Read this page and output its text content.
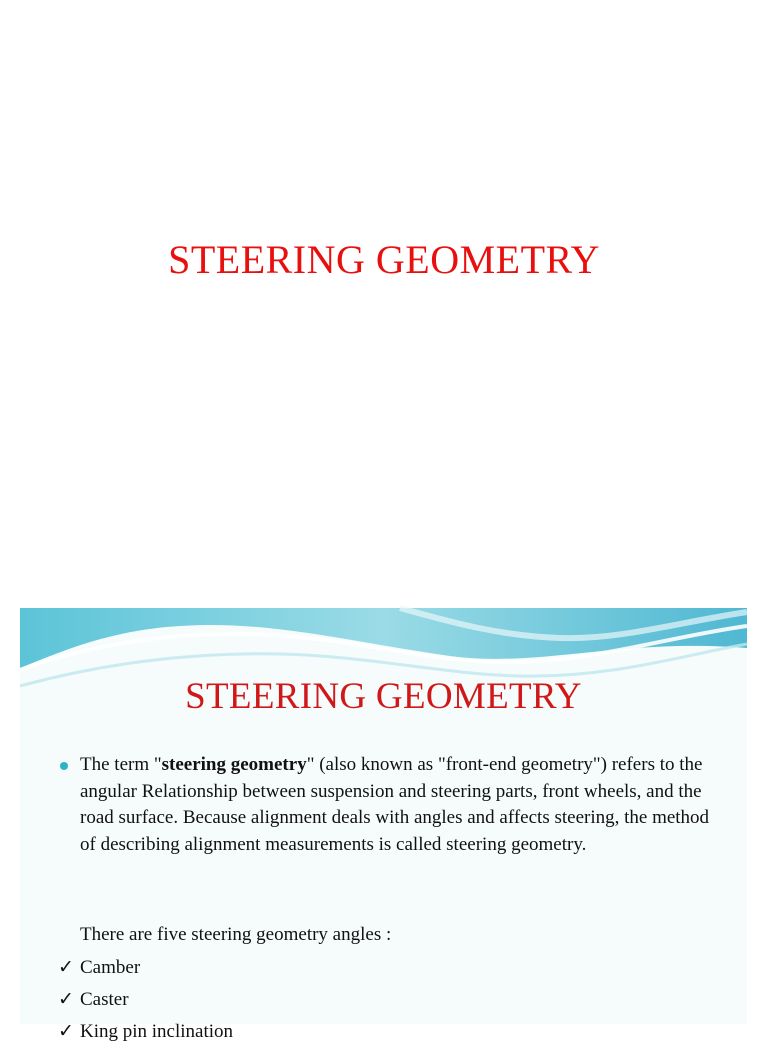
STEERING GEOMETRY
STEERING GEOMETRY
The term "steering geometry" (also known as "front-end geometry") refers to the angular Relationship between suspension and steering parts, front wheels, and the road surface. Because alignment deals with angles and affects steering, the method of describing alignment measurements is called steering geometry.
There are five steering geometry angles :
✓ Camber
✓ Caster
✓ King pin inclination
